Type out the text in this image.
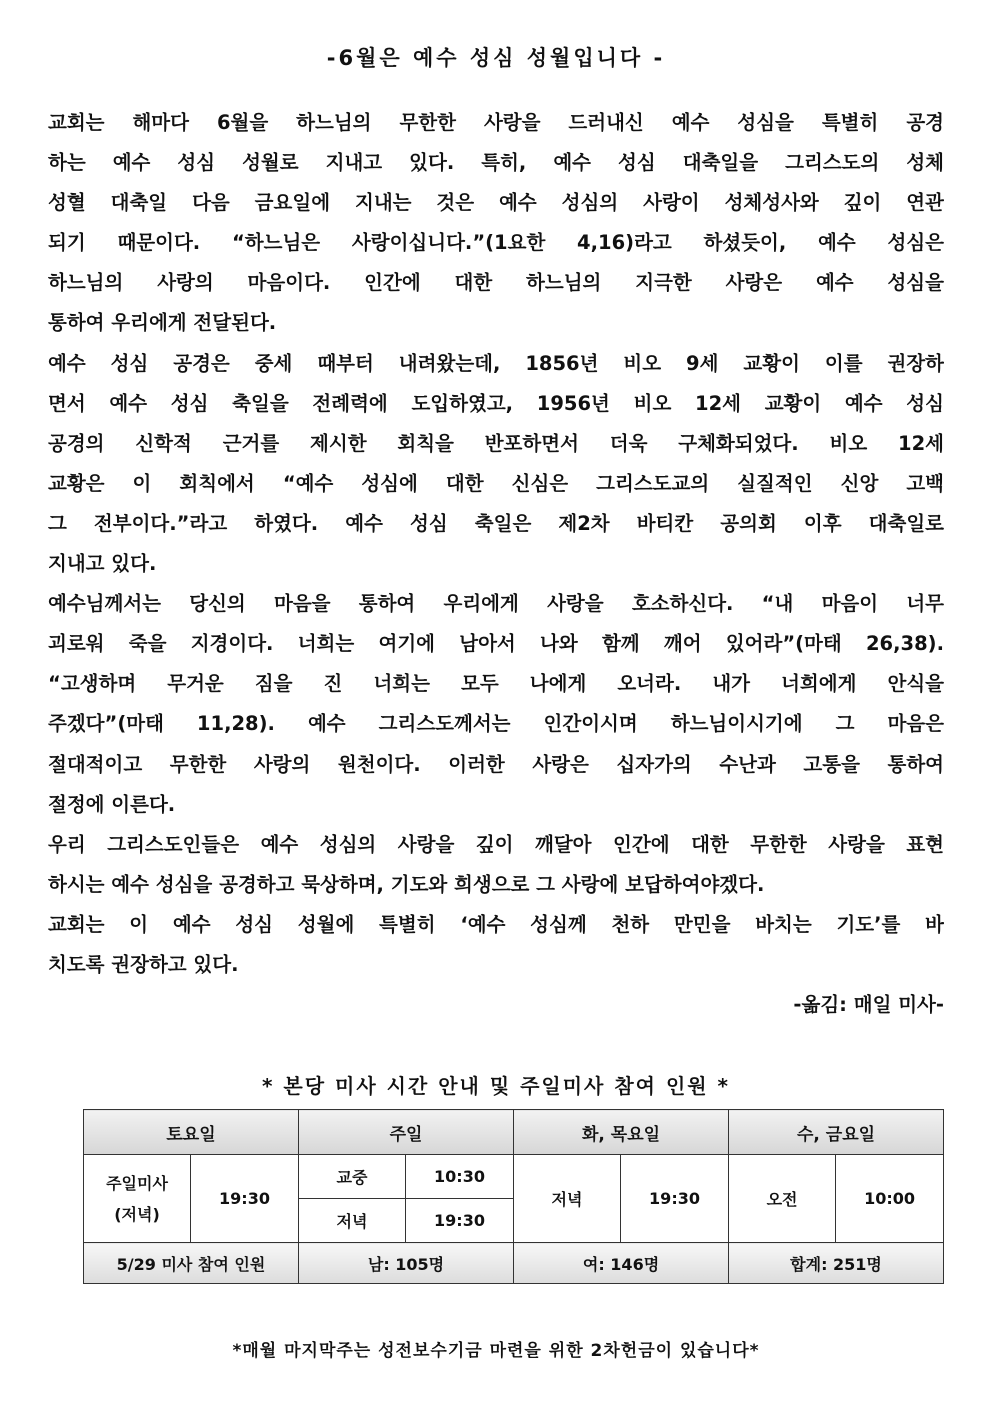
-6월은 예수 성심 성월입니다 -
교회는 해마다 6월을 하느님의 무한한 사랑을 드러내신 예수 성심을 특별히 공경
하는 예수 성심 성월로 지내고 있다. 특히, 예수 성심 대축일을 그리스도의 성체
성혈 대축일 다음 금요일에 지내는 것은 예수 성심의 사랑이 성체성사와 깊이 연관
되기 때문이다. “하느님은 사랑이십니다.”(1요한 4,16)라고 하셨듯이, 예수 성심은
하느님의 사랑의 마음이다. 인간에 대한 하느님의 지극한 사랑은 예수 성심을
통하여 우리에게 전달된다.
예수 성심 공경은 중세 때부터 내려왔는데, 1856년 비오 9세 교황이 이를 권장하
면서 예수 성심 축일을 전례력에 도입하였고, 1956년 비오 12세 교황이 예수 성심
공경의 신학적 근거를 제시한 회칙을 반포하면서 더욱 구체화되었다. 비오 12세
교황은 이 회칙에서 “예수 성심에 대한 신심은 그리스도교의 실질적인 신앙 고백
그 전부이다.”라고 하였다. 예수 성심 축일은 제2차 바티칸 공의회 이후 대축일로
지내고 있다.
예수님께서는 당신의 마음을 통하여 우리에게 사랑을 호소하신다. “내 마음이 너무
괴로워 죽을 지경이다. 너희는 여기에 남아서 나와 함께 깨어 있어라”(마태 26,38).
“고생하며 무거운 짐을 진 너희는 모두 나에게 오너라. 내가 너희에게 안식을
주겠다”(마태 11,28). 예수 그리스도께서는 인간이시며 하느님이시기에 그 마음은
절대적이고 무한한 사랑의 원천이다. 이러한 사랑은 십자가의 수난과 고통을 통하여
절정에 이른다.
우리 그리스도인들은 예수 성심의 사랑을 깊이 깨달아 인간에 대한 무한한 사랑을 표현
하시는 예수 성심을 공경하고 묵상하며, 기도와 희생으로 그 사랑에 보답하여야겠다.
교회는 이 예수 성심 성월에 특별히 ‘예수 성심께 천하 만민을 바치는 기도’를 바
치도록 권장하고 있다.
-옮김: 매일 미사-
* 본당 미사 시간 안내 및 주일미사 참여 인원 *
토요일		주일		화, 목요일		수, 금요일	

주일미사
(저녁)	19:30	교중	10:30	저녁	19:30	오전	10:00
		저녁	19:30				
5/29 미사 참여 인원		남: 105명		여: 146명		합계: 251명	
*매월 마지막주는 성전보수기금 마련을 위한 2차헌금이 있습니다*
